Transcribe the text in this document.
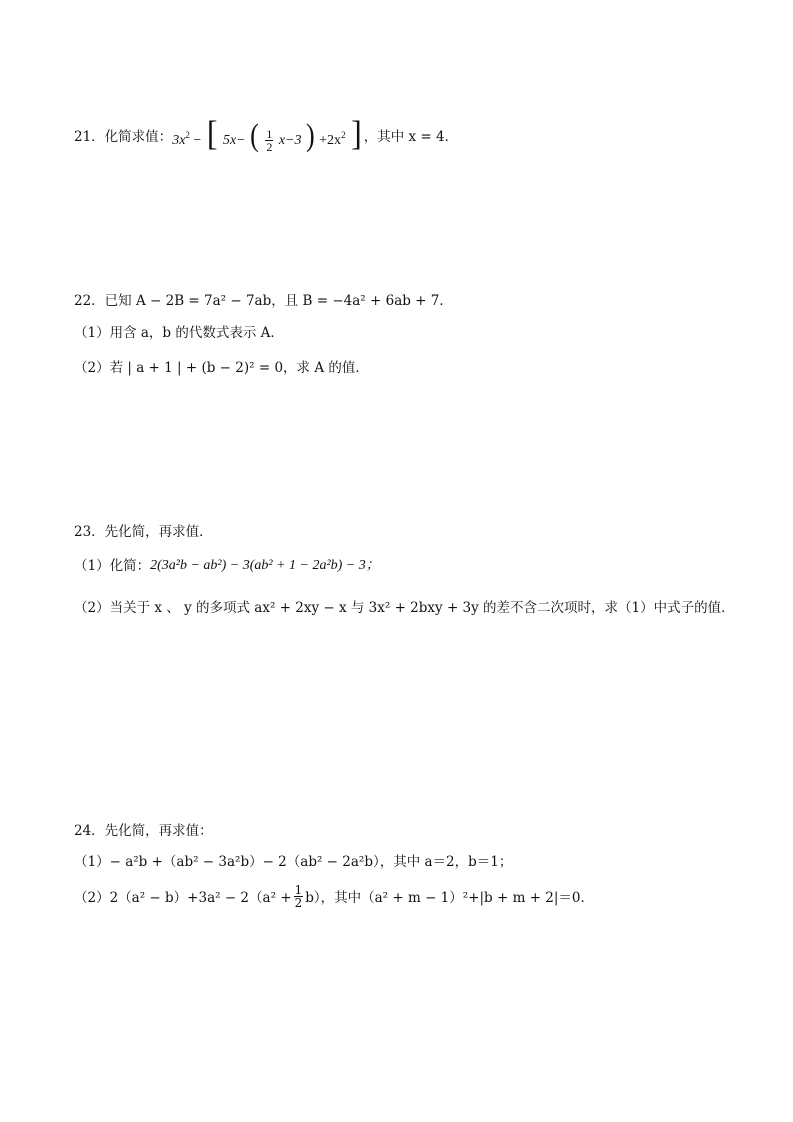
21．化简求值： $3x^2$ − [ 5x− ( $\frac{1}{2} x-3$ ) $+2x^2$ ] ，其中 x = 4．
22．已知 A − 2B = 7a² − 7ab，且 B = −4a² + 6ab + 7．
（1）用含 a，b 的代数式表示 A．
（2）若 | a + 1 | + (b − 2)² = 0，求 A 的值．
23．先化简，再求值．
（1）化简： 2(3a²b − ab²) − 3(ab² + 1 − 2a²b) − 3；
（2）当关于 x 、 y 的多项式 ax² + 2xy − x 与 3x² + 2bxy + 3y 的差不含二次项时，求（1）中式子的值．
24．先化简，再求值：
（1）− a²b +（ab² − 3a²b）− 2（ab² − 2a²b），其中 a＝2，b＝1；
$(2)2(a^2 - b)+3a^2 - 2(a^2 + \frac{1}{2} b)$，其中（a² + m − 1）²+|b + m + 2|＝0．
